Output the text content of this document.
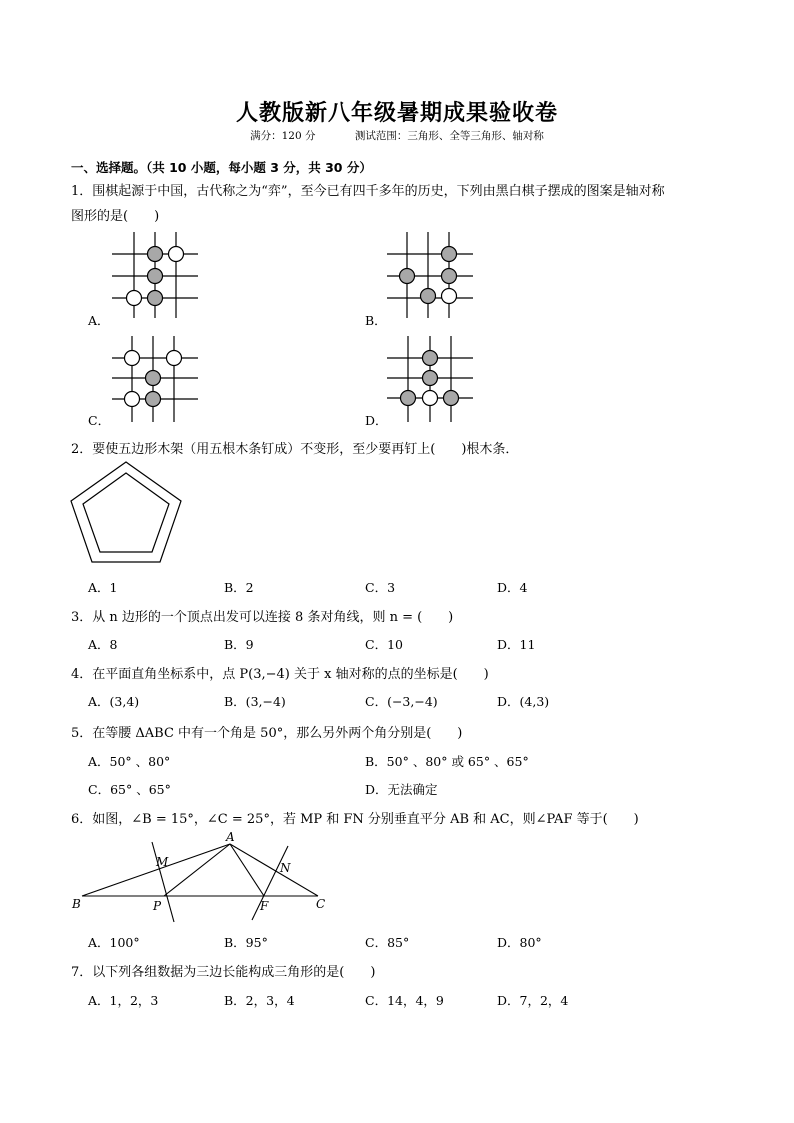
人教版新八年级暑期成果验收卷
满分：120 分	测试范围：三角形、全等三角形、轴对称
一、选择题。（共 10 小题，每小题 3 分，共 30 分）
1．围棋起源于中国，古代称之为“弈”，至今已有四千多年的历史，下列由黑白棋子摆成的图案是轴对称
图形的是(　　)
A．	B．
C．	D．
2．要使五边形木架（用五根木条钉成）不变形，至少要再钉上(　　)根木条．
A．1	B．2	C．3	D．4
3．从 n 边形的一个顶点出发可以连接 8 条对角线，则 n = (　　)
A．8	B．9	C．10	D．11
4．在平面直角坐标系中，点 P(3,−4) 关于 x 轴对称的点的坐标是(　　)
A．(3,4)	B．(3,−4)	C．(−3,−4)	D．(4,3)
5．在等腰 ΔABC 中有一个角是 50°，那么另外两个角分别是(　　)
A．50° 、80°	B．50° 、80° 或 65° 、65°
C．65° 、65°	D．无法确定
6．如图，∠B = 15°，∠C = 25°，若 MP 和 FN 分别垂直平分 AB 和 AC，则∠PAF 等于(　　)
A
B	C
M	N
P	F
A．100°	B．95°	C．85°	D．80°
7．以下列各组数据为三边长能构成三角形的是(　　)
A．1，2，3	B．2，3，4	C．14，4，9	D．7，2，4
